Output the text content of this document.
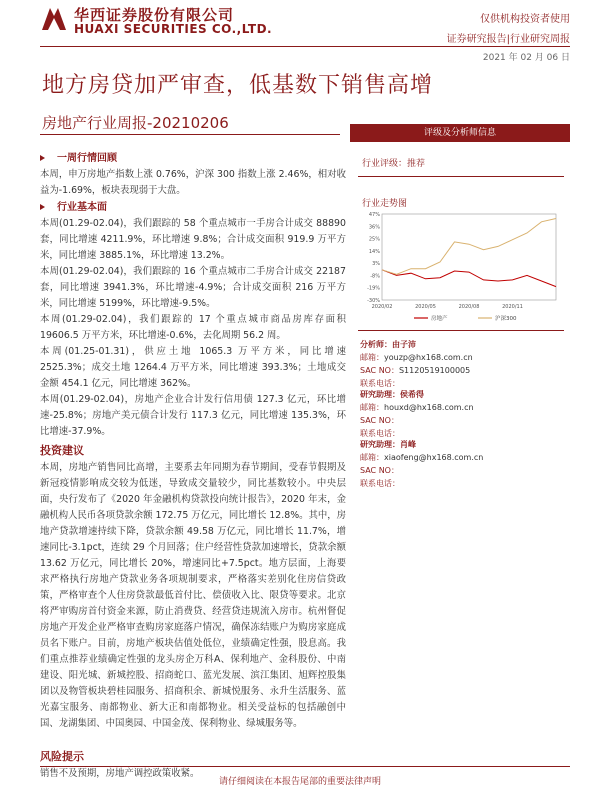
华西证券股份有限公司
HUAXI SECURITIES CO.,LTD.
仅供机构投资者使用
证券研究报告|行业研究周报
2021 年 02 月 06 日
地方房贷加严审查，低基数下销售高增
房地产行业周报-20210206
一周行情回顾

本周，申万房地产指数上涨 0.76%，沪深 300 指数上涨 2.46%，相对收益为-1.69%，板块表现弱于大盘。

行业基本面

本周(01.29-02.04)，我们跟踪的 58 个重点城市一手房合计成交 88890 套，同比增速 4211.9%，环比增速 9.8%；合计成交面积 919.9 万平方米，同比增速 3885.1%，环比增速 13.2%。

本周(01.29-02.04)，我们跟踪的 16 个重点城市二手房合计成交 22187 套，同比增速 3941.3%，环比增速-4.9%；合计成交面积 216 万平方米，同比增速 5199%，环比增速-9.5%。

本周(01.29-02.04)，我们跟踪的 17 个重点城市商品房库存面积 19606.5 万平方米，环比增速-0.6%，去化周期 56.2 周。

本周(01.25-01.31)，供应土地 1065.3 万平方米，同比增速 2525.3%；成交土地 1264.4 万平方米，同比增速 393.3%；土地成交金额 454.1 亿元，同比增速 362%。

本周(01.29-02.04)，房地产企业合计发行信用债 127.3 亿元，环比增速-25.8%；房地产美元债合计发行 117.3 亿元，同比增速 135.3%，环比增速-37.9%。

投资建议

本周，房地产销售同比高增，主要系去年同期为春节期间，受春节假期及新冠疫情影响成交较为低迷，导致成交量较少，同比基数较小。中央层面，央行发布了《2020 年金融机构贷款投向统计报告》，2020 年末，金融机构人民币各项贷款余额 172.75 万亿元，同比增长 12.8%。其中，房地产贷款增速持续下降，贷款余额 49.58 万亿元，同比增长 11.7%，增速同比-3.1pct，连续 29 个月回落；住户经营性贷款加速增长，贷款余额 13.62 万亿元，同比增长 20%，增速同比+7.5pct。地方层面，上海要求严格执行房地产贷款业务各项规制要求，严格落实差别化住房信贷政策，严格审查个人住房贷款最低首付比、偿债收入比、限贷等要求。北京将严审购房首付资金来源，防止消费贷、经营贷违规流入房市。杭州督促房地产开发企业严格审查购房家庭落户情况，确保冻结账户为购房家庭成员名下账户。目前，房地产板块估值处低位，业绩确定性强，股息高。我们重点推荐业绩确定性强的龙头房企万科A、保利地产、金科股份、中南建设、阳光城、新城控股、招商蛇口、蓝光发展、滨江集团、旭辉控股集团以及物管板块碧桂园服务、招商积余、新城悦服务、永升生活服务、蓝光嘉宝服务、南都物业、新大正和南都物业。相关受益标的包括融创中国、龙湖集团、中国奥园、中国金茂、保利物业、绿城服务等。

风险提示

销售不及预期，房地产调控政策收紧。

评级及分析师信息
行业评级：推荐
行业走势图
47%
36%
25%
14%
3%
-8%
-19%
-30%
2020/02	2020/05	2020/08	2020/11
房地产	沪深300
分析师：由子沛
邮箱：youzp@hx168.com.cn
SAC NO：S1120519100005
联系电话：
研究助理：侯希得
邮箱：houxd@hx168.com.cn
SAC NO：
联系电话：
研究助理：肖峰
邮箱：xiaofeng@hx168.com.cn
SAC NO：
联系电话：
请仔细阅读在本报告尾部的重要法律声明
